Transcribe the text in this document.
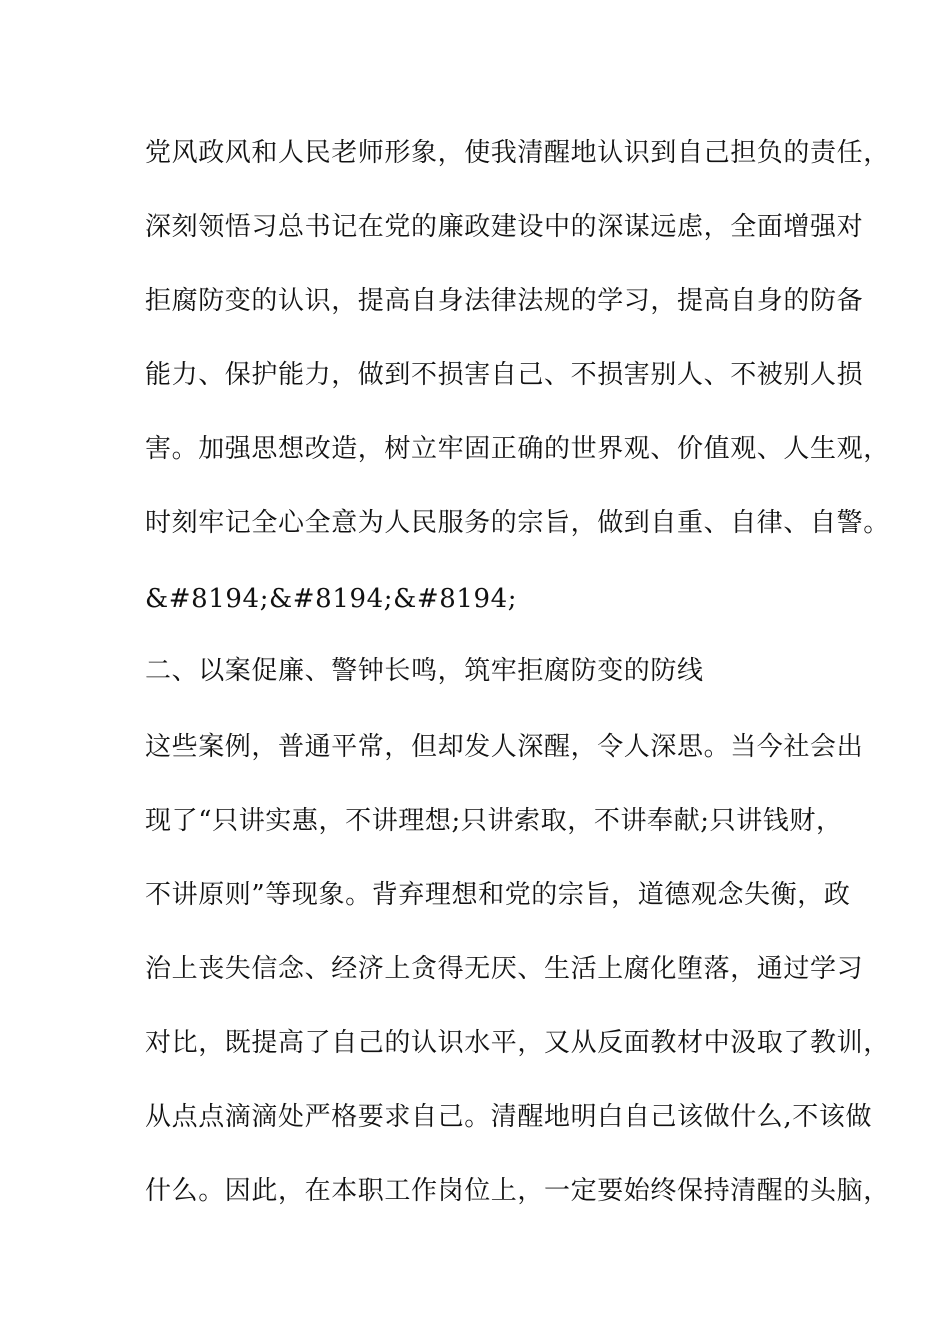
党风政风和人民老师形象，使我清醒地认识到自己担负的责任，
深刻领悟习总书记在党的廉政建设中的深谋远虑，全面增强对
拒腐防变的认识，提高自身法律法规的学习，提高自身的防备
能力、保护能力，做到不损害自己、不损害别人、不被别人损
害。加强思想改造，树立牢固正确的世界观、价值观、人生观，
时刻牢记全心全意为人民服务的宗旨，做到自重、自律、自警。
&#8194;&#8194;&#8194;
二、以案促廉、警钟长鸣，筑牢拒腐防变的防线
这些案例，普通平常，但却发人深醒，令人深思。当今社会出
现了“只讲实惠，不讲理想;只讲索取，不讲奉献;只讲钱财，
不讲原则”等现象。背弃理想和党的宗旨，道德观念失衡，政
治上丧失信念、经济上贪得无厌、生活上腐化堕落，通过学习
对比，既提高了自己的认识水平，又从反面教材中汲取了教训，
从点点滴滴处严格要求自己。清醒地明白自己该做什么,不该做
什么。因此，在本职工作岗位上，一定要始终保持清醒的头脑，
